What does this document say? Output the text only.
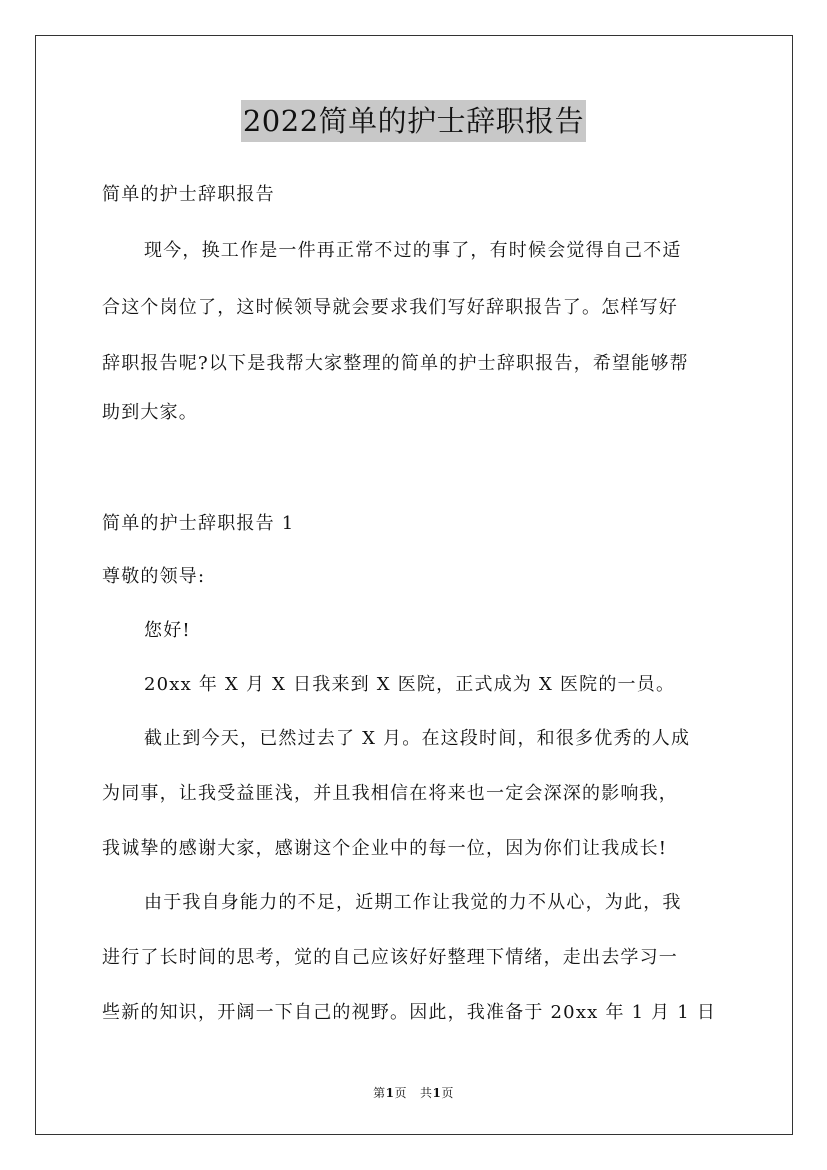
2022简单的护士辞职报告
简单的护士辞职报告
现今，换工作是一件再正常不过的事了，有时候会觉得自己不适
合这个岗位了，这时候领导就会要求我们写好辞职报告了。怎样写好
辞职报告呢?以下是我帮大家整理的简单的护士辞职报告，希望能够帮
助到大家。
简单的护士辞职报告 1
尊敬的领导:
您好!
20xx 年 X 月 X 日我来到 X 医院，正式成为 X 医院的一员。
截止到今天，已然过去了 X 月。在这段时间，和很多优秀的人成
为同事，让我受益匪浅，并且我相信在将来也一定会深深的影响我，
我诚挚的感谢大家，感谢这个企业中的每一位，因为你们让我成长!
由于我自身能力的不足，近期工作让我觉的力不从心，为此，我
进行了长时间的思考，觉的自己应该好好整理下情绪，走出去学习一
些新的知识，开阔一下自己的视野。因此，我准备于 20xx 年 1 月 1 日
第1页   共1页
